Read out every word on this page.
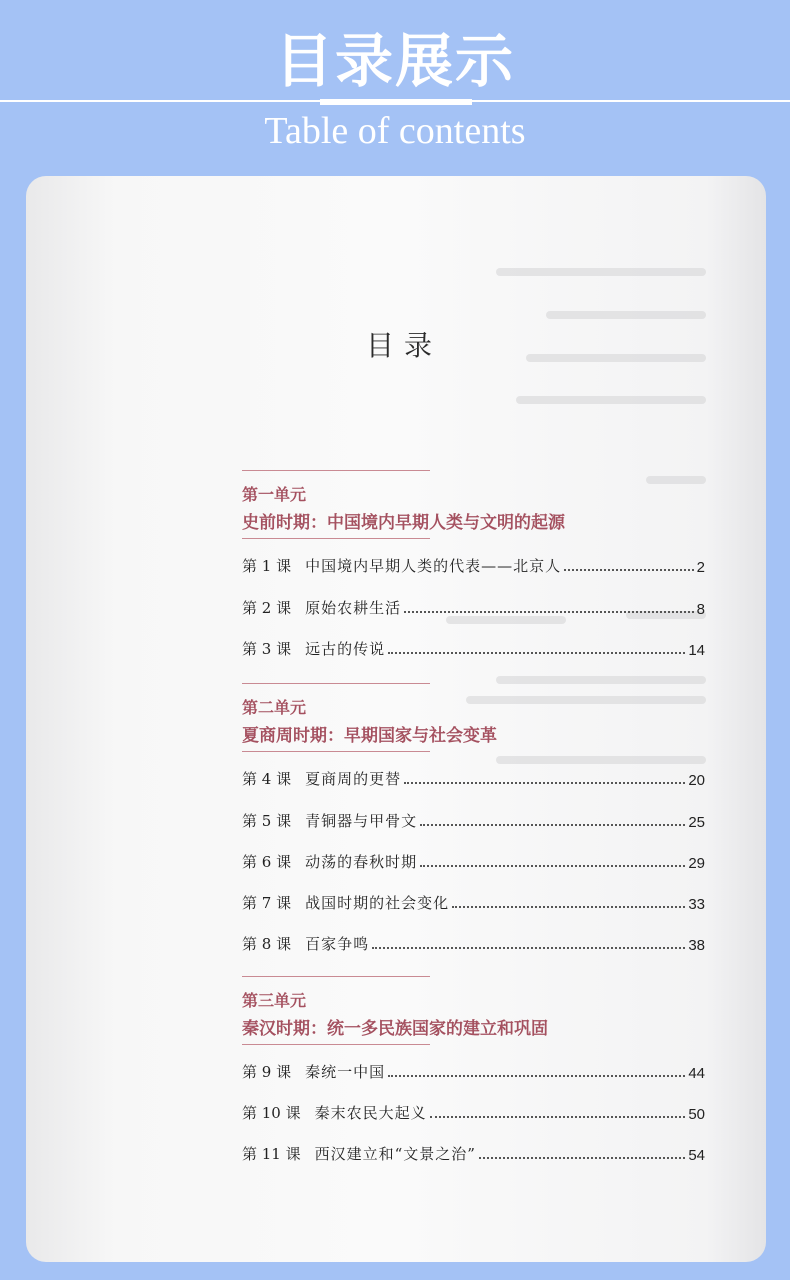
目录展示
Table of contents
目录
第一单元
史前时期：中国境内早期人类与文明的起源
第 1 课 中国境内早期人类的代表——北京人	2
第 2 课 原始农耕生活	8
第 3 课 远古的传说	14
第二单元
夏商周时期：早期国家与社会变革
第 4 课 夏商周的更替	20
第 5 课 青铜器与甲骨文	25
第 6 课 动荡的春秋时期	29
第 7 课 战国时期的社会变化	33
第 8 课 百家争鸣	38
第三单元
秦汉时期：统一多民族国家的建立和巩固
第 9 课 秦统一中国	44
第 10 课 秦末农民大起义	50
第 11 课 西汉建立和“文景之治”	54
